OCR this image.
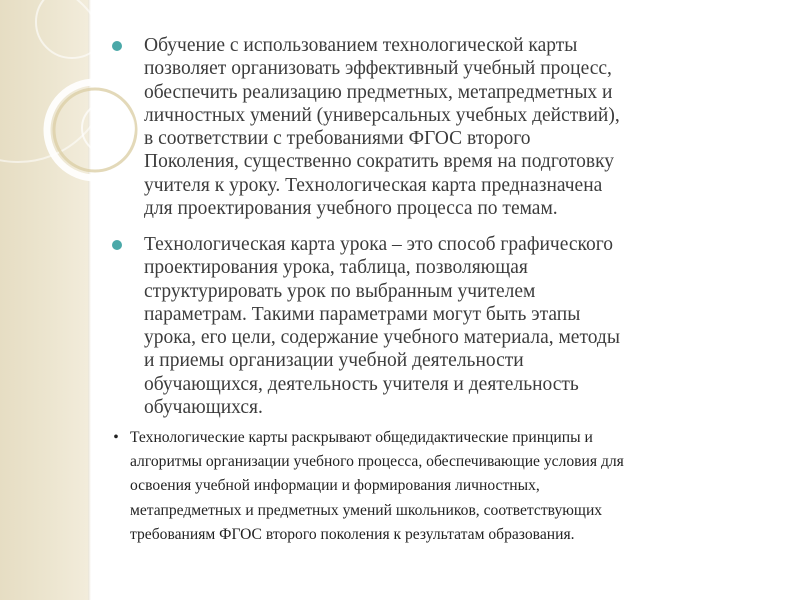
Обучение с использованием технологической карты
позволяет организовать эффективный учебный процесс,
обеспечить реализацию предметных, метапредметных и
личностных умений (универсальных учебных действий),
в соответствии с требованиями ФГОС второго
Поколения, существенно сократить время на подготовку
учителя к уроку. Технологическая карта предназначена
для проектирования учебного процесса по темам.
Технологическая карта урока – это способ графического
проектирования урока, таблица, позволяющая
структурировать урок по выбранным учителем
параметрам. Такими параметрами могут быть этапы
урока, его цели, содержание учебного материала, методы
и приемы организации учебной деятельности
обучающихся, деятельность учителя и деятельность
обучающихся.
• Технологические карты раскрывают общедидактические принципы и
алгоритмы организации учебного процесса, обеспечивающие условия для
освоения учебной информации и формирования личностных,
метапредметных и предметных умений школьников, соответствующих
требованиям ФГОС второго поколения к результатам образования.
